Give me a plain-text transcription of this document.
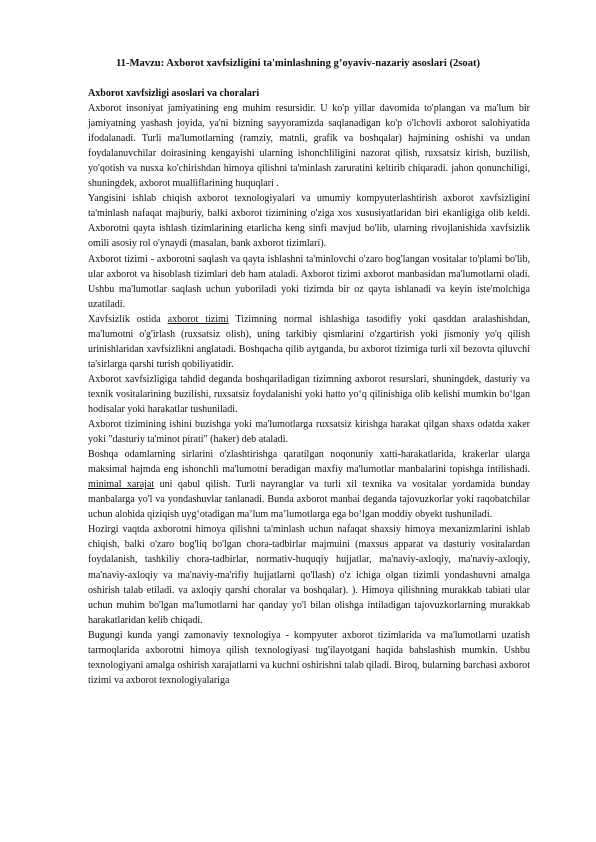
11-Mavzu: Axborot xavfsizligini ta'minlashning g’oyaviv-nazariy asoslari (2soat)

Axborot xavfsizligi asoslari va choralari

Axborot insoniyat jamiyatining eng muhim resursidir. U ko'p yillar davomida to'plangan va ma'lum bir jamiyatning yashash joyida, ya'ni bizning sayyoramizda saqlanadigan ko'p o'lchovli axborot salohiyatida ifodalanadi. Turli ma'lumotlarning (ramziy, matnli, grafik va boshqalar) hajmining oshishi va undan foydalanuvchilar doirasining kengayishi ularning ishonchliligini nazorat qilish, ruxsatsiz kirish, buzilish, yo'qotish va nusxa ko'chirishdan himoya qilishni ta'minlash zaruratini keltirib chiqaradi. jahon qonunchiligi, shuningdek, axborot mualliflarining huquqlari .

Yangisini ishlab chiqish axborot texnologiyalari va umumiy kompyuterlashtirish axborot xavfsizligini ta'minlash nafaqat majburiy, balki axborot tizimining o'ziga xos xususiyatlaridan biri ekanligiga olib keldi. Axborotni qayta ishlash tizimlarining etarlicha keng sinfi mavjud bo'lib, ularning rivojlanishida xavfsizlik omili asosiy rol o'ynaydi (masalan, bank axborot tizimlari).

Axborot tizimi - axborotni saqlash va qayta ishlashni ta'minlovchi o'zaro bog'langan vositalar to'plami bo'lib, ular axborot va hisoblash tizimlari deb ham ataladi. Axborot tizimi axborot manbasidan ma'lumotlarni oladi. Ushbu ma'lumotlar saqlash uchun yuboriladi yoki tizimda bir oz qayta ishlanadi va keyin iste'molchiga uzatiladi.

Xavfsizlik ostida axborot tizimi Tizimning normal ishlashiga tasodifiy yoki qasddan aralashishdan, ma'lumotni o'g'irlash (ruxsatsiz olish), uning tarkibiy qismlarini o'zgartirish yoki jismoniy yo'q qilish urinishlaridan xavfsizlikni anglatadi. Boshqacha qilib aytganda, bu axborot tizimiga turli xil bezovta qiluvchi ta'sirlarga qarshi turish qobiliyatidir.

Axborot xavfsizligiga tahdid deganda boshqariladigan tizimning axborot resurslari, shuningdek, dasturiy va texnik vositalarining buzilishi, ruxsatsiz foydalanishi yoki hatto yo‘q qilinishiga olib kelishi mumkin bo‘lgan hodisalar yoki harakatlar tushuniladi.

Axborot tizimining ishini buzishga yoki ma'lumotlarga ruxsatsiz kirishga harakat qilgan shaxs odatda xaker yoki "dasturiy ta'minot pirati" (haker) deb ataladi.

Boshqa odamlarning sirlarini o'zlashtirishga qaratilgan noqonuniy xatti-harakatlarida, krakerlar ularga maksimal hajmda eng ishonchli ma'lumotni beradigan maxfiy ma'lumotlar manbalarini topishga intilishadi. minimal xarajat uni qabul qilish. Turli nayranglar va turli xil texnika va vositalar yordamida bunday manbalarga yo'l va yondashuvlar tanlanadi. Bunda axborot manbai deganda tajovuzkorlar yoki raqobatchilar uchun alohida qiziqish uyg‘otadigan ma’lum ma’lumotlarga ega bo‘lgan moddiy obyekt tushuniladi.

Hozirgi vaqtda axborotni himoya qilishni ta'minlash uchun nafaqat shaxsiy himoya mexanizmlarini ishlab chiqish, balki o'zaro bog'liq bo'lgan chora-tadbirlar majmuini (maxsus apparat va dasturiy vositalardan foydalanish, tashkiliy chora-tadbirlar, normativ-huquqiy hujjatlar, ma'naviy-axloqiy, ma'naviy-axloqiy, ma'naviy-axloqiy va ma'naviy-ma'rifiy hujjatlarni qo'llash) o'z ichiga olgan tizimli yondashuvni amalga oshirish talab etiladi. va axloqiy qarshi choralar va boshqalar). ). Himoya qilishning murakkab tabiati ular uchun muhim bo'lgan ma'lumotlarni har qanday yo'l bilan olishga intiladigan tajovuzkorlarning murakkab harakatlaridan kelib chiqadi.

Bugungi kunda yangi zamonaviy texnologiya - kompyuter axborot tizimlarida va ma'lumotlarni uzatish tarmoqlarida axborotni himoya qilish texnologiyasi tug'ilayotgani haqida bahslashish mumkin. Ushbu texnologiyani amalga oshirish xarajatlarni va kuchni oshirishni talab qiladi. Biroq, bularning barchasi axborot tizimi va axborot texnologiyalariga
